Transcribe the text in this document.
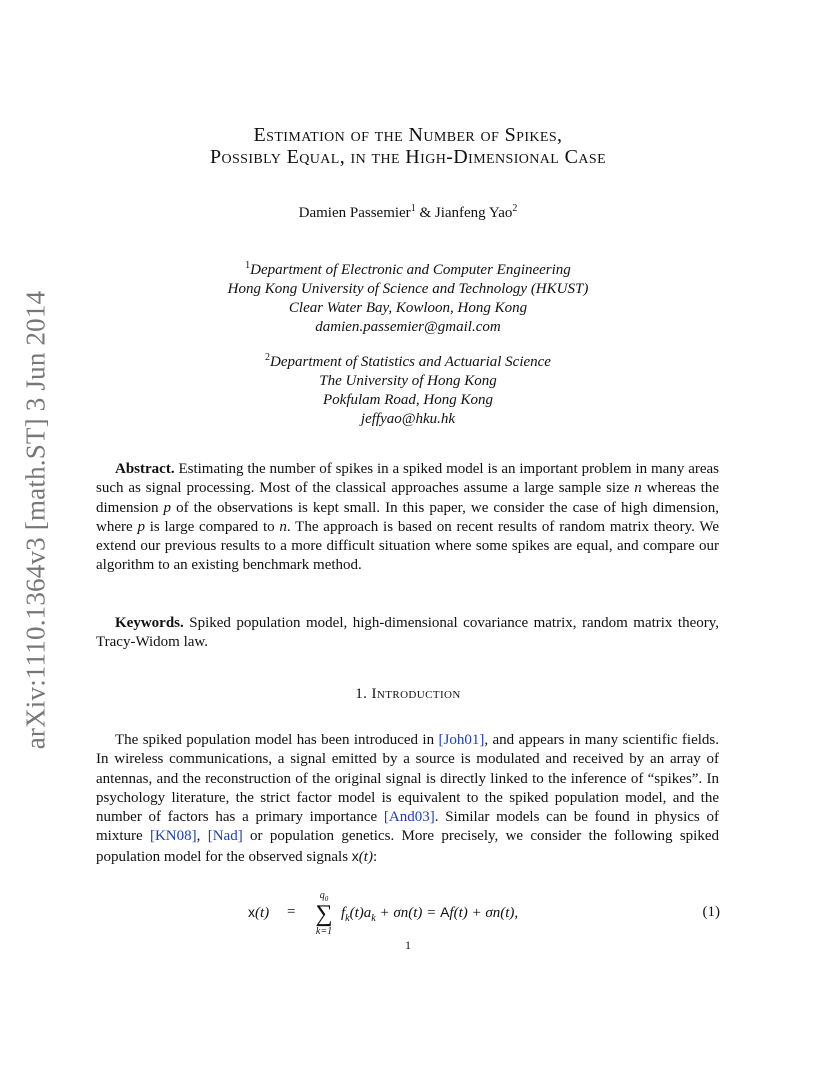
arXiv:1110.1364v3 [math.ST] 3 Jun 2014
Estimation of the Number of Spikes,
Possibly Equal, in the High-Dimensional Case
Damien Passemier$^1$ & Jianfeng Yao$^2$
$^1$Department of Electronic and Computer Engineering
Hong Kong University of Science and Technology (HKUST)
Clear Water Bay, Kowloon, Hong Kong
damien.passemier@gmail.com
$^2$Department of Statistics and Actuarial Science
The University of Hong Kong
Pokfulam Road, Hong Kong
jeffyao@hku.hk
Abstract. Estimating the number of spikes in a spiked model is an important problem in many areas such as signal processing. Most of the classical approaches assume a large sample size n whereas the dimension p of the observations is kept small. In this paper, we consider the case of high dimension, where p is large compared to n. The approach is based on recent results of random matrix theory. We extend our previous results to a more difficult situation where some spikes are equal, and compare our algorithm to an existing benchmark method.
Keywords. Spiked population model, high-dimensional covariance matrix, random matrix theory, Tracy-Widom law.
1. Introduction
The spiked population model has been introduced in [Joh01], and appears in many scientific fields. In wireless communications, a signal emitted by a source is modulated and received by an array of antennas, and the reconstruction of the original signal is directly linked to the inference of “spikes”. In psychology literature, the strict factor model is equivalent to the spiked population model, and the number of factors has a primary importance [And03]. Similar models can be found in physics of mixture [KN08], [Nad] or population genetics. More precisely, we consider the following spiked population model for the observed signals x(t):
x(t) =
$q_0$
∑
k=1
$f_k(t)a_k + \sigma n(t) = Af(t) + \sigma n(t)$,	(1)
1
